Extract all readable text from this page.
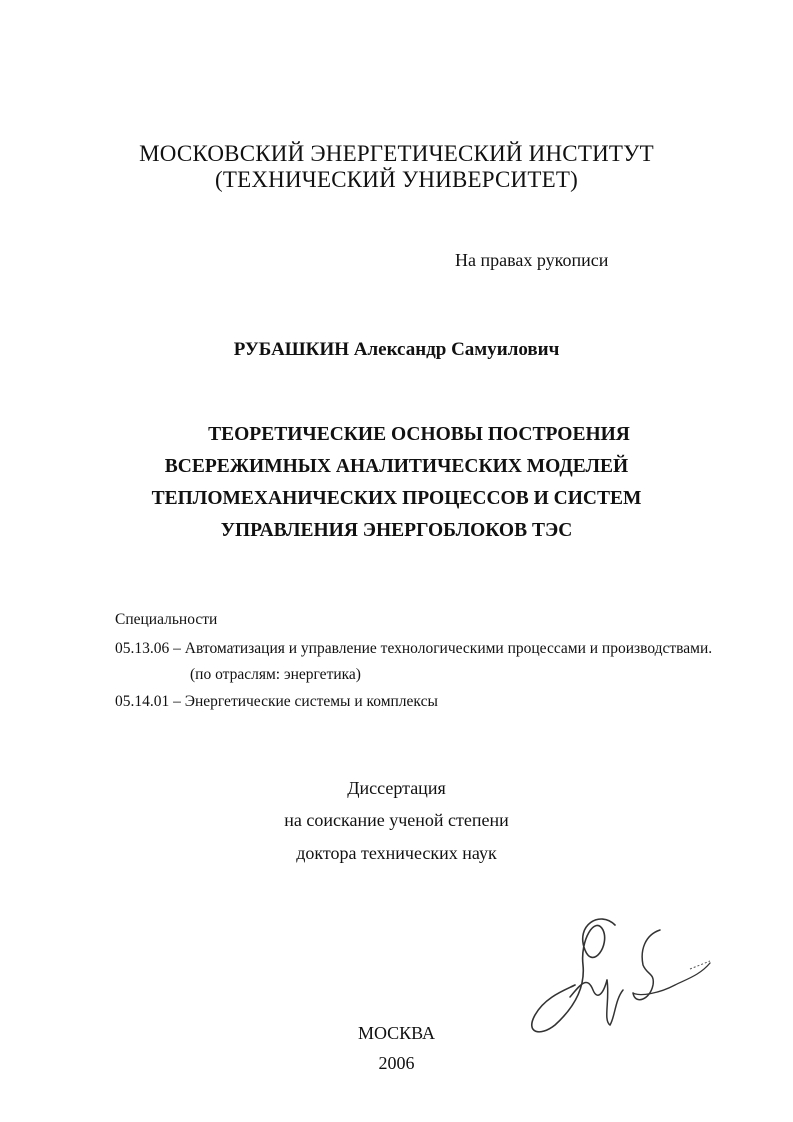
МОСКОВСКИЙ ЭНЕРГЕТИЧЕСКИЙ ИНСТИТУТ
(ТЕХНИЧЕСКИЙ УНИВЕРСИТЕТ)
На правах рукописи
РУБАШКИН Александр Самуилович
ТЕОРЕТИЧЕСКИЕ ОСНОВЫ ПОСТРОЕНИЯ
ВСЕРЕЖИМНЫХ АНАЛИТИЧЕСКИХ МОДЕЛЕЙ
ТЕПЛОМЕХАНИЧЕСКИХ ПРОЦЕССОВ И СИСТЕМ
УПРАВЛЕНИЯ ЭНЕРГОБЛОКОВ ТЭС
Специальности
05.13.06 – Автоматизация и управление технологическими процессами и производствами.
(по отраслям: энергетика)
05.14.01 – Энергетические системы и комплексы
Диссертация
на соискание ученой степени
доктора технических наук
МОСКВА
2006
